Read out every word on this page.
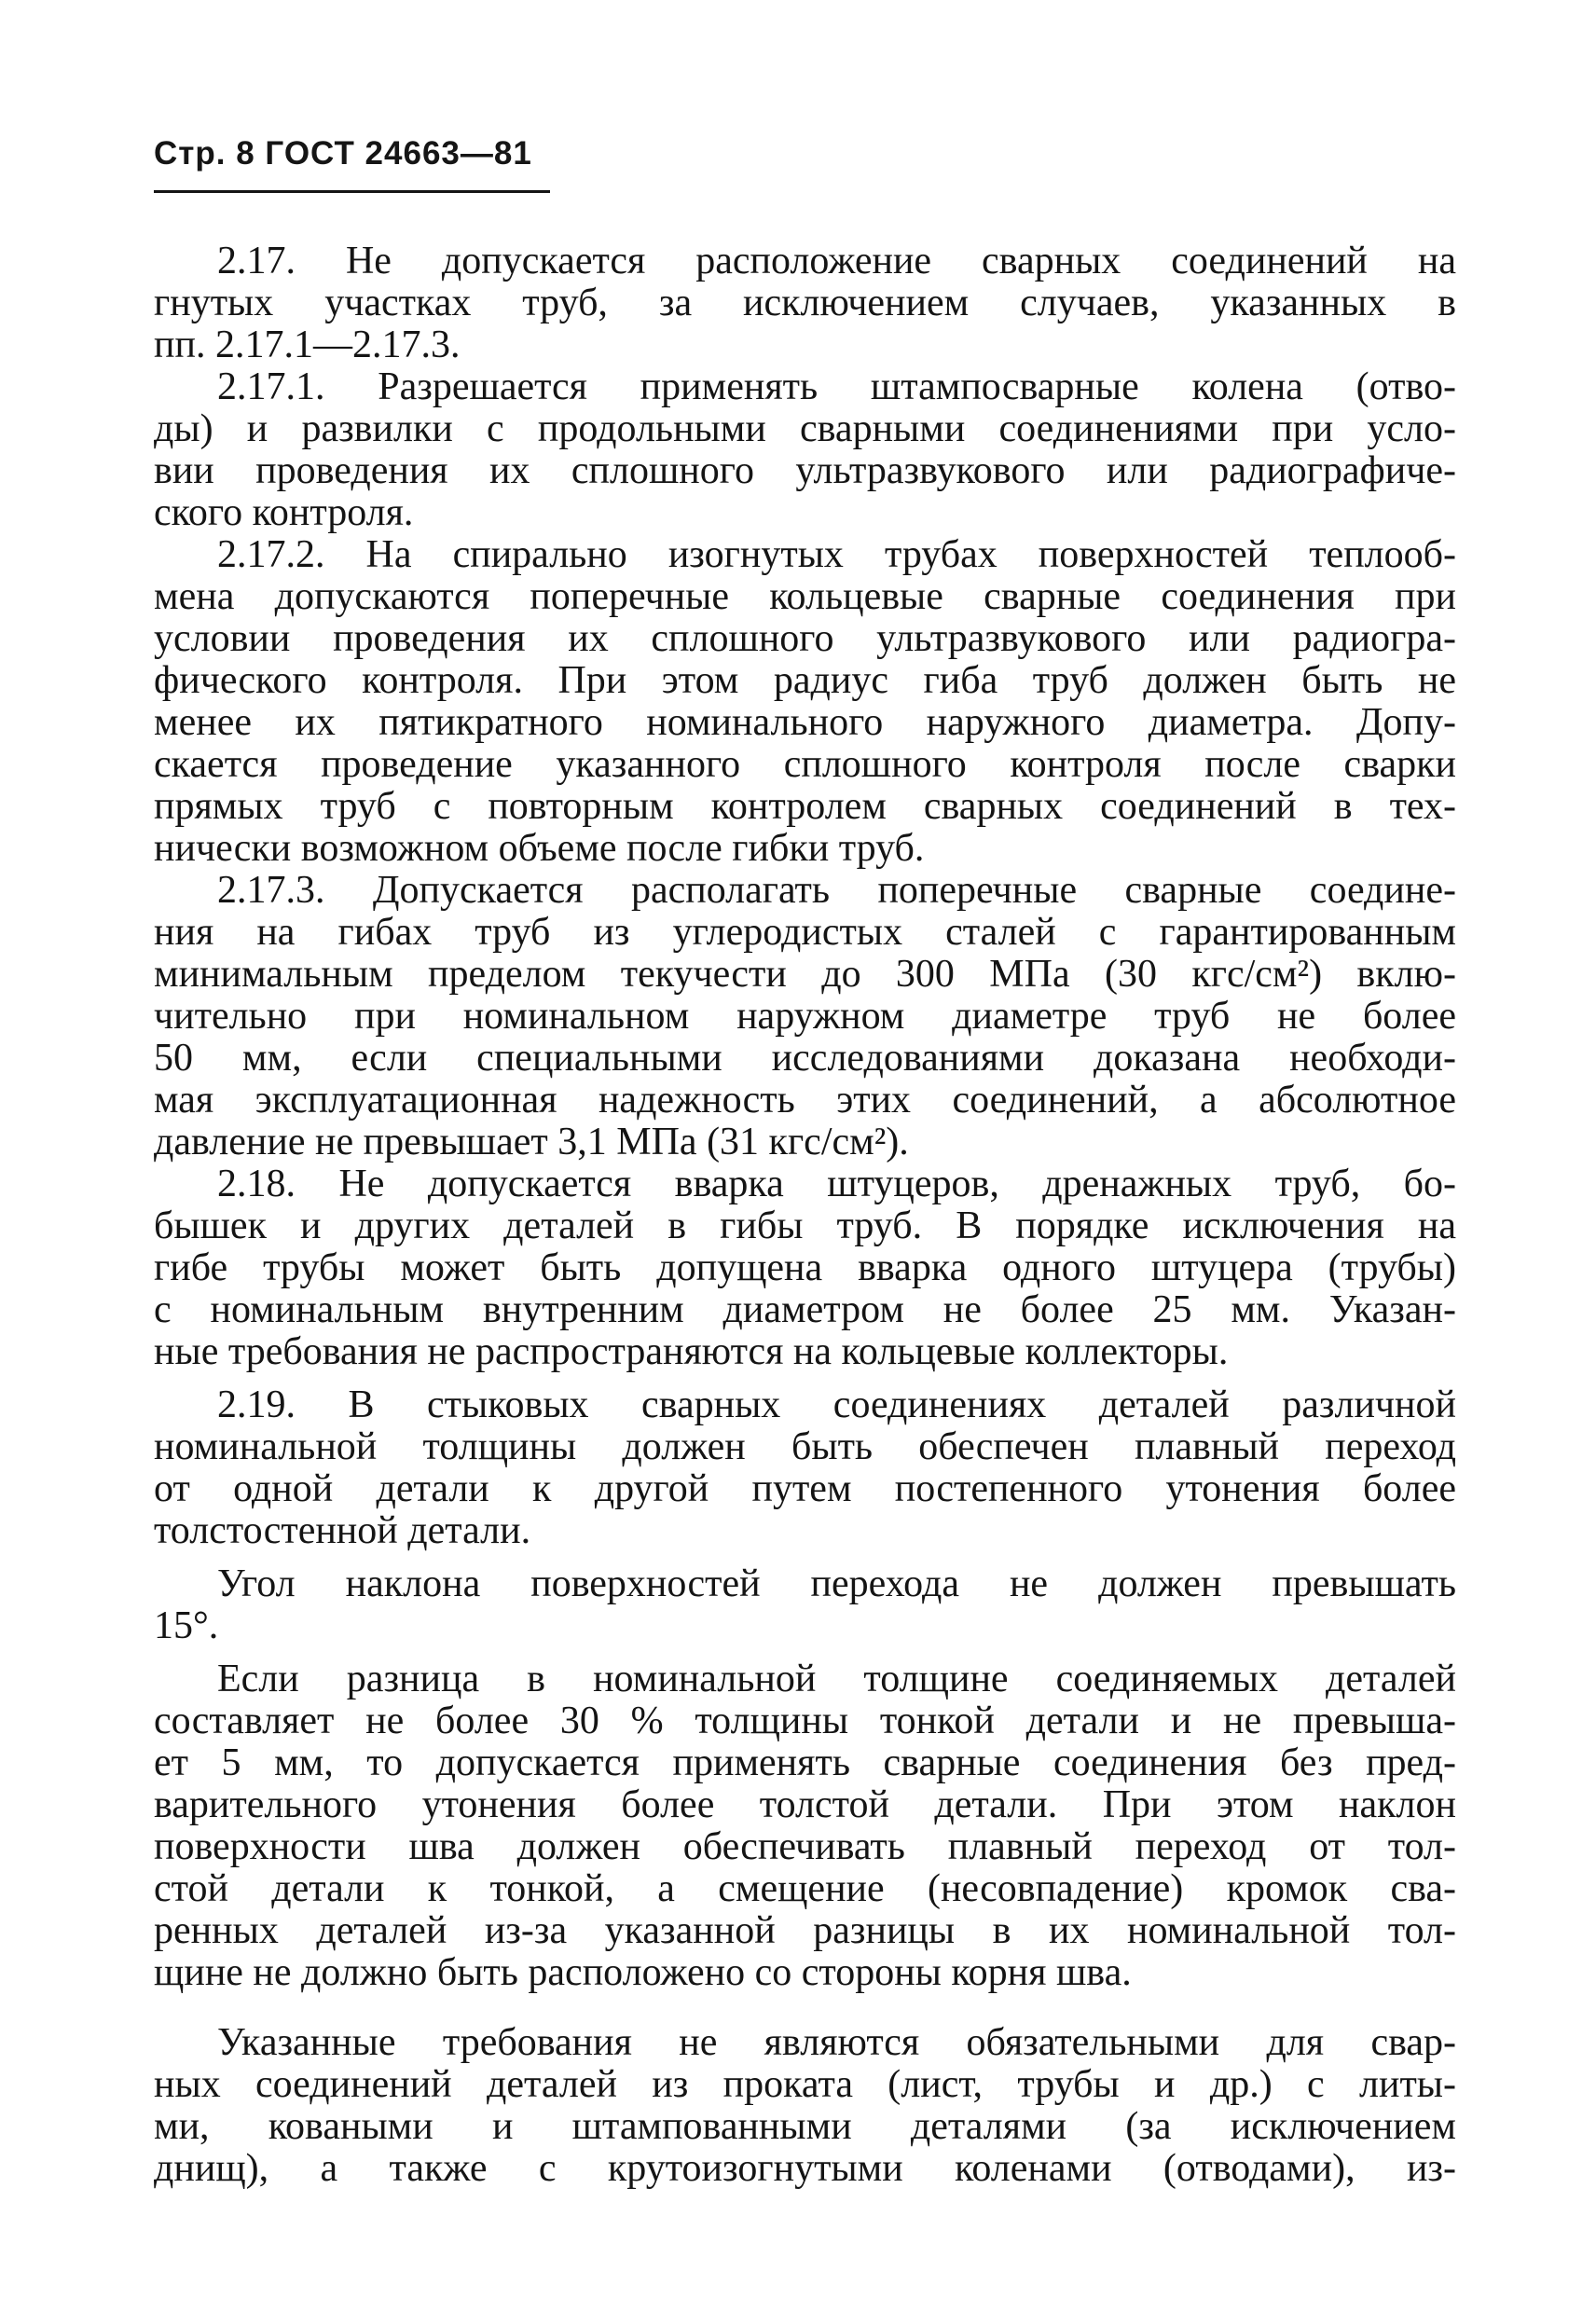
Стр. 8 ГОСТ 24663—81
2.17. Не допускается расположение сварных соединений на
гнутых участках труб, за исключением случаев, указанных в
пп. 2.17.1—2.17.3.
2.17.1. Разрешается применять штампосварные колена (отво-
ды) и развилки с продольными сварными соединениями при усло-
вии проведения их сплошного ультразвукового или радиографиче-
ского контроля.
2.17.2. На спирально изогнутых трубах поверхностей теплооб-
мена допускаются поперечные кольцевые сварные соединения при
условии проведения их сплошного ультразвукового или радиогра-
фического контроля. При этом радиус гиба труб должен быть не
менее их пятикратного номинального наружного диаметра. Допу-
скается проведение указанного сплошного контроля после сварки
прямых труб с повторным контролем сварных соединений в тех-
нически возможном объеме после гибки труб.
2.17.3. Допускается располагать поперечные сварные соедине-
ния на гибах труб из углеродистых сталей с гарантированным
минимальным пределом текучести до 300 МПа (30 кгс/см²) вклю-
чительно при номинальном наружном диаметре труб не более
50 мм, если специальными исследованиями доказана необходи-
мая эксплуатационная надежность этих соединений, а абсолютное
давление не превышает 3,1 МПа (31 кгс/см²).
2.18. Не допускается вварка штуцеров, дренажных труб, бо-
бышек и других деталей в гибы труб. В порядке исключения на
гибе трубы может быть допущена вварка одного штуцера (трубы)
с номинальным внутренним диаметром не более 25 мм. Указан-
ные требования не распространяются на кольцевые коллекторы.
2.19. В стыковых сварных соединениях деталей различной
номинальной толщины должен быть обеспечен плавный переход
от одной детали к другой путем постепенного утонения более
толстостенной детали.
Угол наклона поверхностей перехода не должен превышать
15°.
Если разница в номинальной толщине соединяемых деталей
составляет не более 30 % толщины тонкой детали и не превыша-
ет 5 мм, то допускается применять сварные соединения без пред-
варительного утонения более толстой детали. При этом наклон
поверхности шва должен обеспечивать плавный переход от тол-
стой детали к тонкой, а смещение (несовпадение) кромок сва-
ренных деталей из-за указанной разницы в их номинальной тол-
щине не должно быть расположено со стороны корня шва.
Указанные требования не являются обязательными для свар-
ных соединений деталей из проката (лист, трубы и др.) с литы-
ми, коваными и штампованными деталями (за исключением
днищ), а также с крутоизогнутыми коленами (отводами), из-
